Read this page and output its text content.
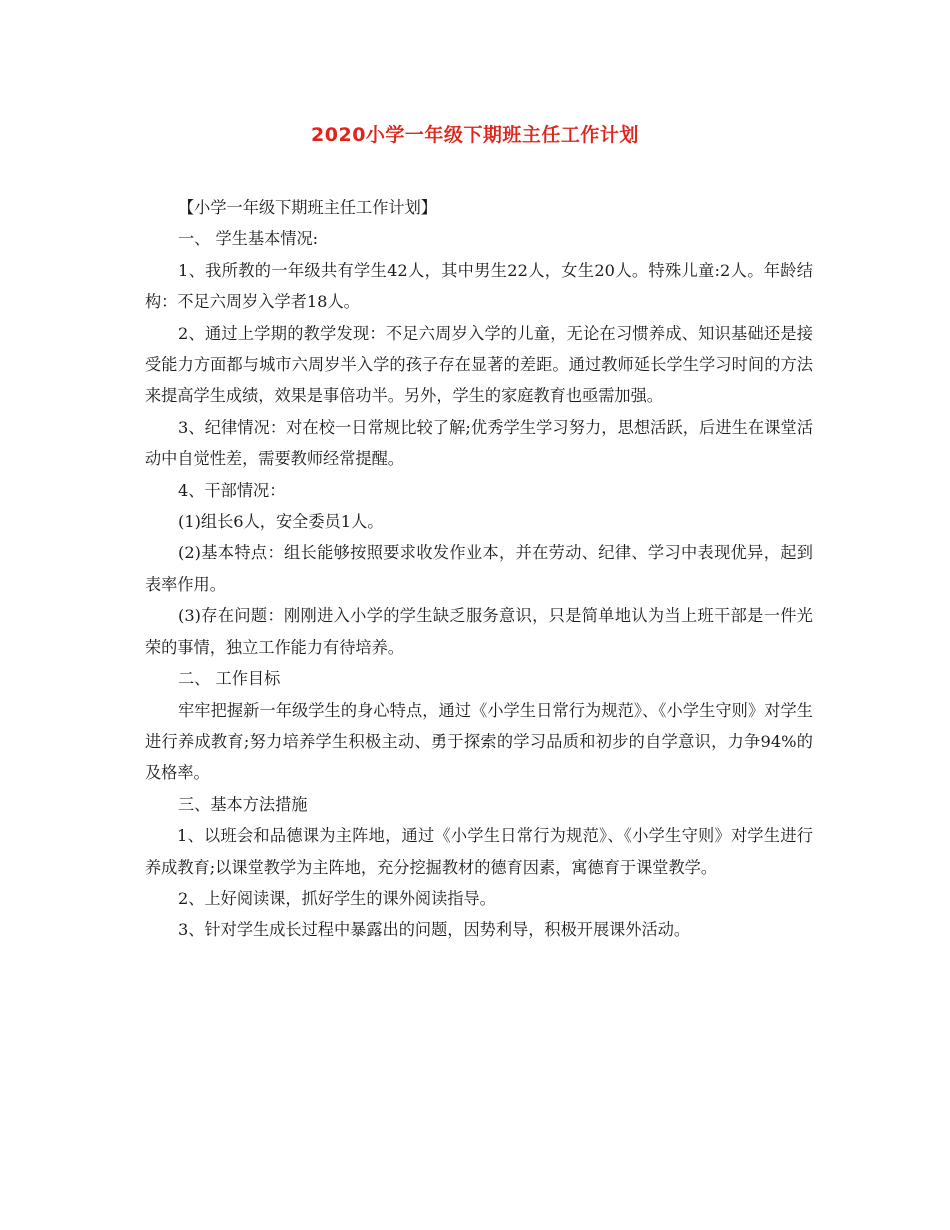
2020小学一年级下期班主任工作计划

【小学一年级下期班主任工作计划】

一、 学生基本情况:

1、我所教的一年级共有学生42人，其中男生22人，女生20人。特殊儿童:2人。年龄结构：不足六周岁入学者18人。

2、通过上学期的教学发现：不足六周岁入学的儿童，无论在习惯养成、知识基础还是接受能力方面都与城市六周岁半入学的孩子存在显著的差距。通过教师延长学生学习时间的方法来提高学生成绩，效果是事倍功半。另外，学生的家庭教育也亟需加强。

3、纪律情况：对在校一日常规比较了解;优秀学生学习努力，思想活跃，后进生在课堂活动中自觉性差，需要教师经常提醒。

4、干部情况：

(1)组长6人，安全委员1人。

(2)基本特点：组长能够按照要求收发作业本，并在劳动、纪律、学习中表现优异，起到表率作用。

(3)存在问题：刚刚进入小学的学生缺乏服务意识，只是简单地认为当上班干部是一件光荣的事情，独立工作能力有待培养。

二、 工作目标

牢牢把握新一年级学生的身心特点，通过《小学生日常行为规范》、《小学生守则》对学生进行养成教育;努力培养学生积极主动、勇于探索的学习品质和初步的自学意识，力争94%的及格率。

三、基本方法措施

1、以班会和品德课为主阵地，通过《小学生日常行为规范》、《小学生守则》对学生进行养成教育;以课堂教学为主阵地，充分挖掘教材的德育因素，寓德育于课堂教学。

2、上好阅读课，抓好学生的课外阅读指导。

3、针对学生成长过程中暴露出的问题，因势利导，积极开展课外活动。
